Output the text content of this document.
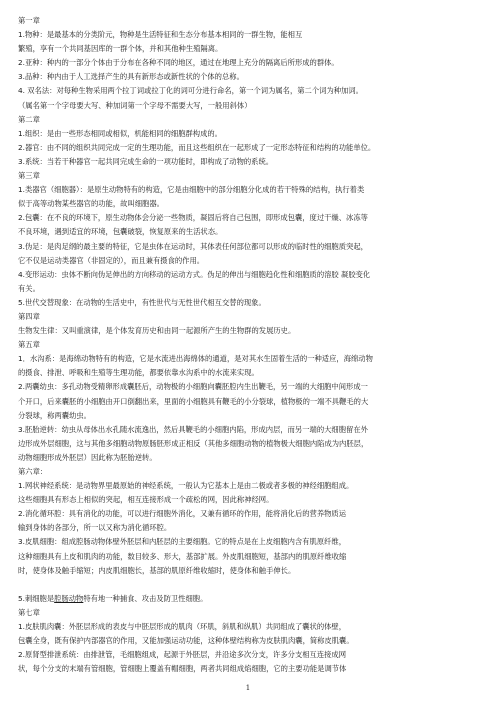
第一章
1.物种：是最基本的分类阶元，物种是生活特征和生态分布基本相同的一群生物，能相互
繁殖，享有一个共同基因库的一群个体，并和其他种生殖隔离。
2.亚种：种内的一部分个体由于分布在各种不同的地区，通过在地理上充分的隔离后所形成的群体。
3.品种：种内由于人工选择产生的具有新形态或新性状的个体的总称。
4. 双名法：对每种生物采用两个拉丁词或拉丁化的词可分进行命名，第一个词为属名，第二个词为种加词。
（属名第一个字母要大写、种加词第一个字母不需要大写，一般用斜体）
第二章
1.组织：是由一些形态相同或相似，机能相同的细胞群构成的。
2.器官：由不同的组织共同完成一定的生理功能，而且这些组织在一起形成了一定形态特征和结构的功能单位。
3.系统：当若干种器官一起共同完成生命的一项功能时，即构成了动物的系统。
第三章
1.类器官（细胞器）：是原生动物特有的构造，它是由细胞中的部分细胞分化成的若干特殊的结构，执行着类
似于高等动物某些器官的功能，故叫细胞器。
2.包囊：在不良的环境下，原生动物体会分泌一些物质，凝固后将自己包围，即形成包囊，度过干燥、冰冻等
不良环境，遇到适宜的环境，包囊破裂，恢复原来的生活状态。
3.伪足：是肉足纲的最主要的特征，它是虫体在运动时，其体表任何部位都可以形成的临时性的细胞质突起，
它不仅是运动类器官（非固定的），而且兼有摄食的作用。
4.变形运动：虫体不断向伪足伸出的方向移动的运动方式。伪足的伸出与细胞趋化性和细胞质的溶胶 凝胶变化
有关。
5.世代交替现象：在动物的生活史中，有性世代与无性世代相互交替的现象。
第四章
生物发生律：又叫重演律，是个体发育历史和由同一起源所产生的生物群的发展历史。
第五章
1．水沟系：是海绵动物特有的构造，它是水流进出海绵体的通道，是对其水生固着生活的一种适应，海绵动物
的摄食、排泄、呼吸和生殖等生理功能，都要依靠水沟系中的水流来实现。
2.两囊幼虫：多孔动物受精卵形成囊胚后，动物极的小细胞向囊胚腔内生出鞭毛，另一端的大细胞中间形成一
个开口，后来囊胚的小细胞由开口倒翻出来，里面的小细胞具有鞭毛的小分裂球，植物极的一端不具鞭毛的大
分裂球，称两囊幼虫。
3.胚胎逆转：幼虫从母体出水孔随水流逸出，然后具鞭毛的小细胞内陷，形成内层，而另一端的大细胞留在外
边形成外层细胞，这与其他多细胞动物原肠胚形成正相反（其他多细胞动物的植物极大细胞内陷成为内胚层，
动物细胞形成外胚层）因此称为胚胎逆转。
第六章：
1.网状神经系统：是动物界里最原始的神经系统，一般认为它基本上是由二极或者多极的神经细胞组成。
这些细胞具有形态上相似的突起，相互连接形成一个疏松的网，因此称神经网。
2.消化循环腔：具有消化的功能，可以进行细胞外消化，又兼有循环的作用，能将消化后的营养物质运
输到身体的各部分，所一以又称为消化循环腔。
3.皮肌细胞：组成腔肠动物体壁外胚层和内胚层的主要细胞。它的特点是在上皮细胞内含有肌原纤维，
这种细胞具有上皮和肌肉的功能，数目较多、形大，基部扩展。外皮肌细胞短，基部内的肌原纤维收缩
时，使身体及触手缩短；内皮肌细胞长，基部的肌原纤维收缩时，使身体和触手伸长。

5.刺细胞是腔肠动物特有地一种捕食、攻击及防卫性细胞。
第七章
1.皮肤肌肉囊：外胚层形成的表皮与中胚层形成的肌肉（环肌，斜肌和纵肌）共同组成了囊状的体壁，
包囊全身，既有保护内部器官的作用，又能加强运动功能，这种体壁结构称为皮肤肌肉囊，简称皮肌囊。
2.原肾型排泄系统：由排泄管，毛细胞组成，起源于外胚层，并沿途多次分支，许多分支相互连接成网
状，每个分支的末端有管细胞，管细胞上覆盖有帽细胞，两者共同组成焰细胞，它的主要功能是调节体
1
